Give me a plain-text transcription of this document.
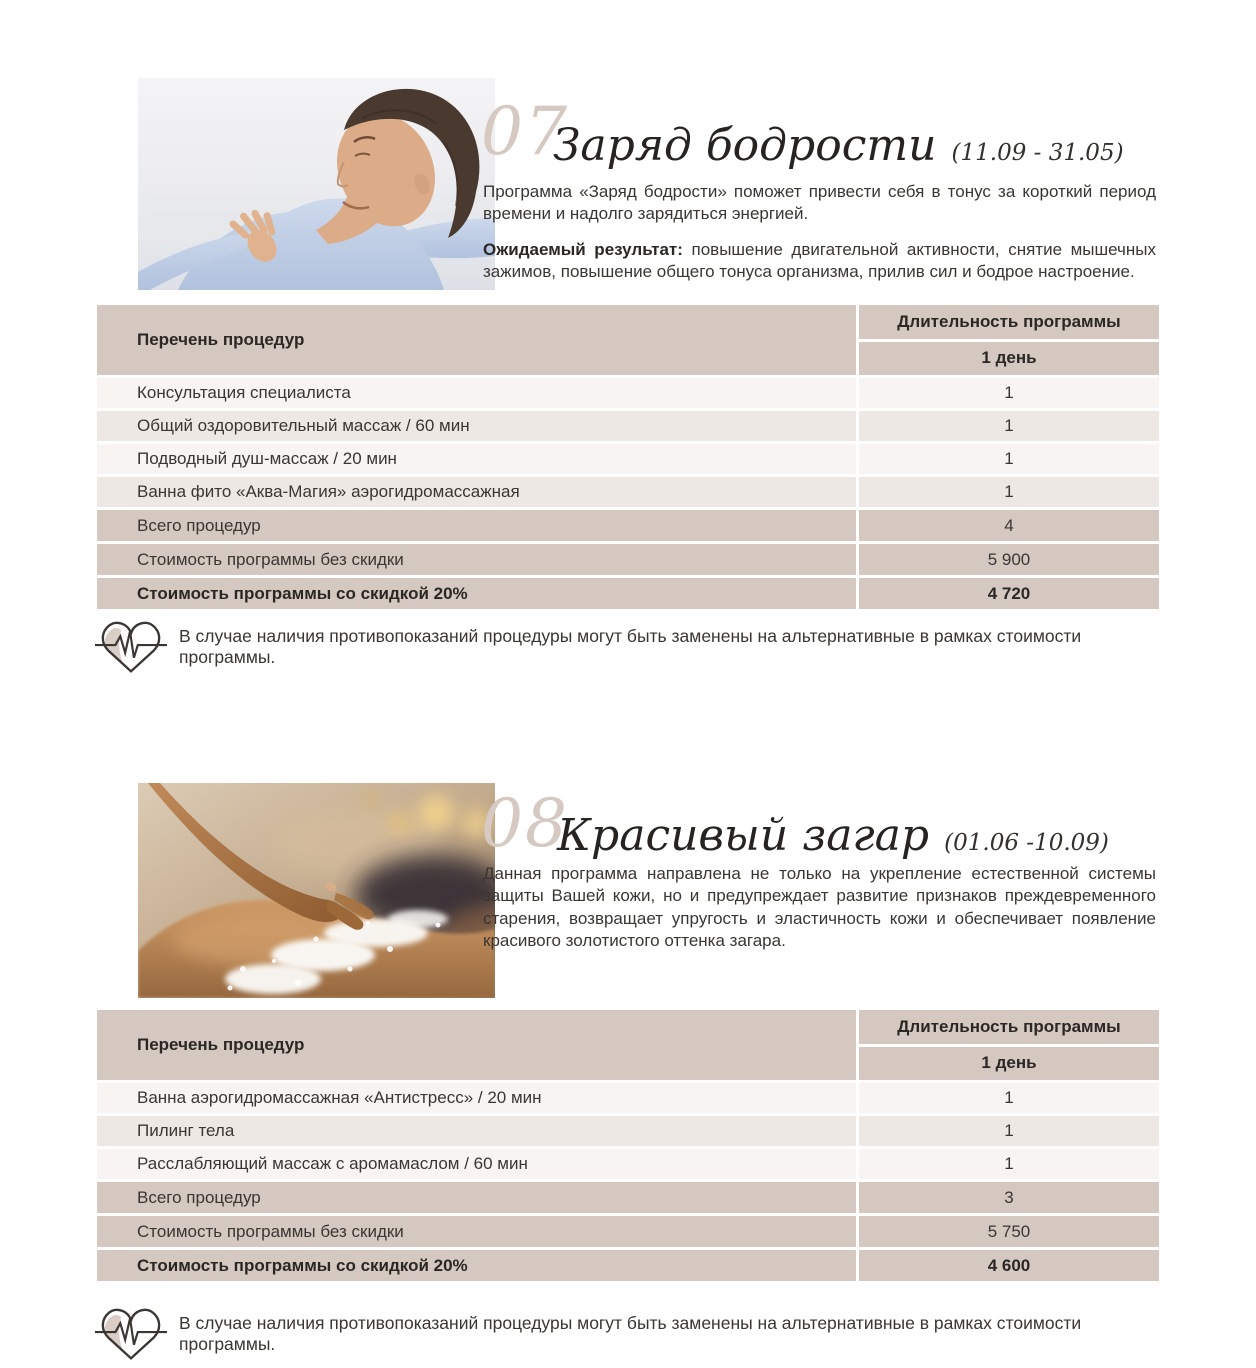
07
Заряд бодрости (11.09 - 31.05)

Программа «Заряд бодрости» поможет привести себя в тонус за короткий период времени и надолго зарядиться энергией.

Ожидаемый результат: повышение двигательной активности, снятие мышечных зажимов, повышение общего тонуса организма, прилив сил и бодрое настроение.

Перечень процедур
Длительность программы
1 день
Консультация специалиста	1
Общий оздоровительный массаж / 60 мин	1
Подводный душ-массаж / 20 мин	1
Ванна фито «Аква-Магия» аэрогидромассажная	1
Всего процедур	4
Стоимость программы без скидки	5 900
Стоимость программы со скидкой 20%	4 720
В случае наличия противопоказаний процедуры могут быть заменены на альтернативные в рамках стоимости программы.
08
Красивый загар (01.06 -10.09)

Данная программа направлена не только на укрепление естественной системы защиты Вашей кожи, но и предупреждает развитие признаков преждевременного старения, возвращает упругость и эластичность кожи и обеспечивает появление красивого золотистого оттенка загара.

Перечень процедур
Длительность программы
1 день
Ванна аэрогидромассажная «Антистресс» / 20 мин	1
Пилинг тела	1
Расслабляющий массаж с аромамаслом / 60 мин	1
Всего процедур	3
Стоимость программы без скидки	5 750
Стоимость программы со скидкой 20%	4 600
В случае наличия противопоказаний процедуры могут быть заменены на альтернативные в рамках стоимости программы.
